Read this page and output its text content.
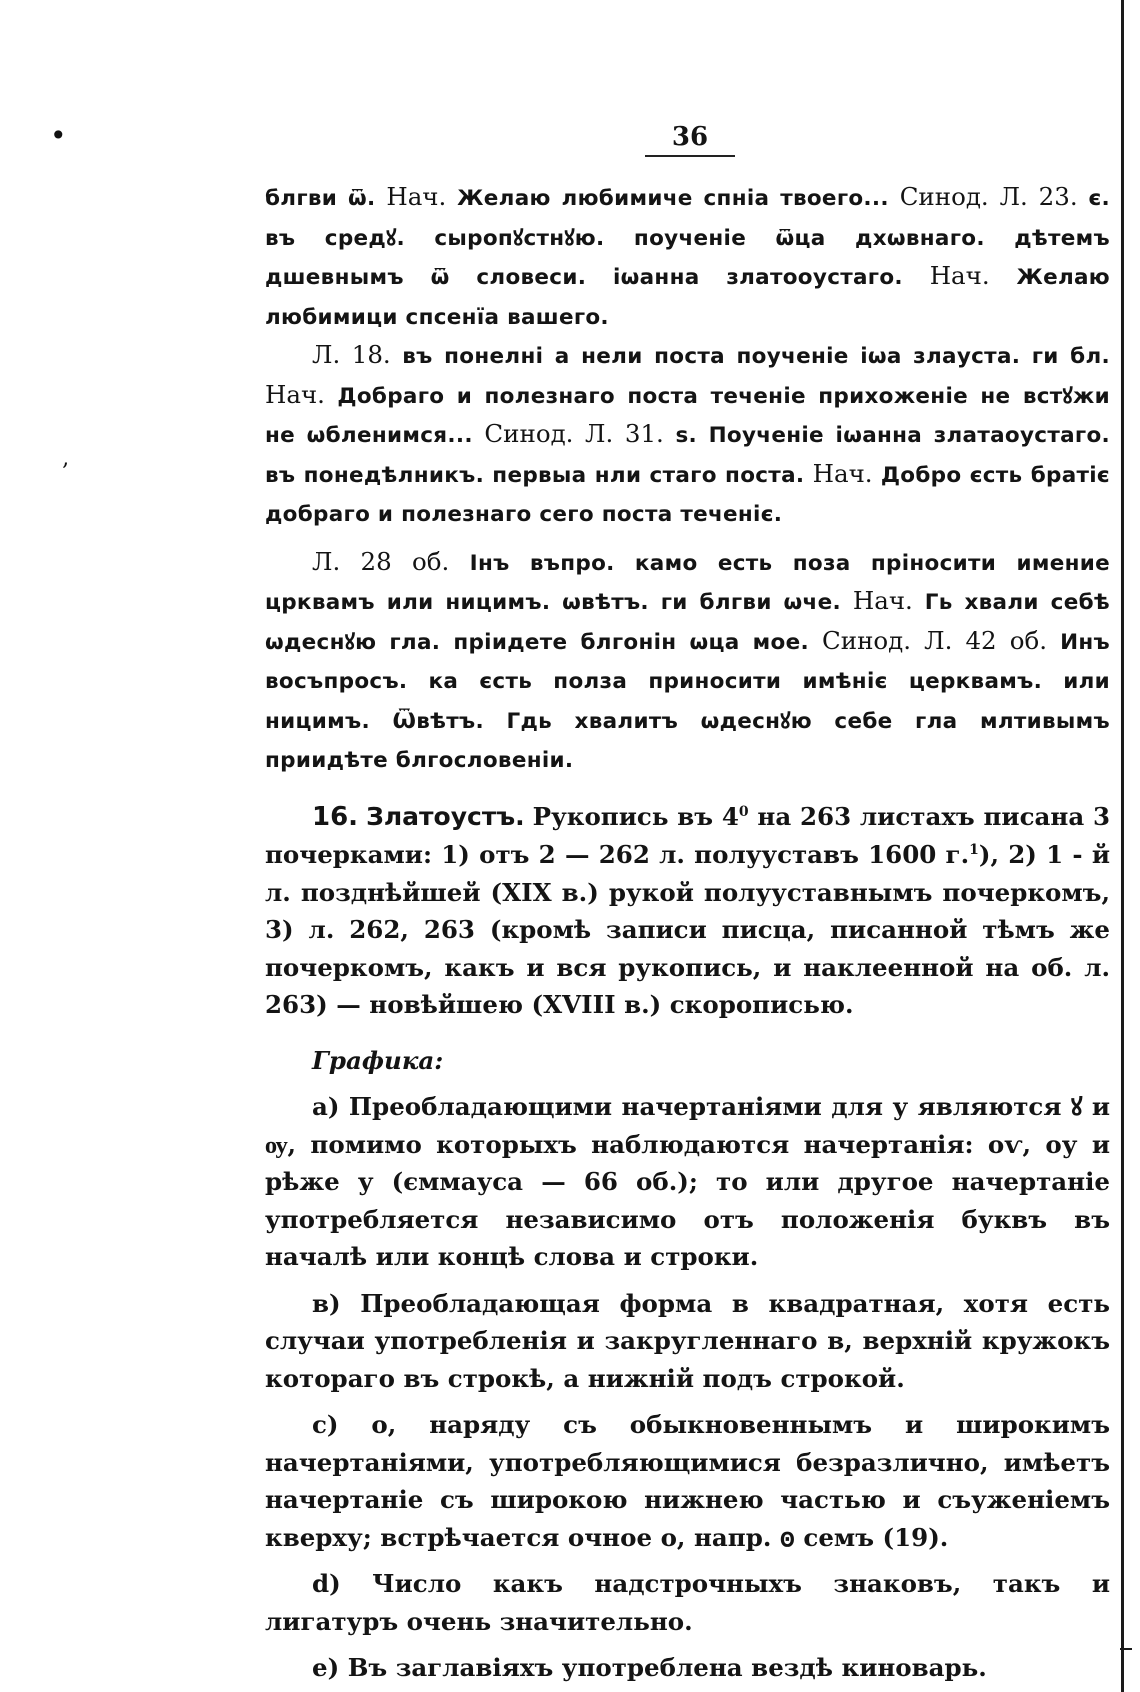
•
‚
36

блгви ѿ. Нач. Желаю любимиче спніа твоего... Синод. Л. 23. є. въ средꙋ. сыропꙋстнꙋю. поученіе ѿца дхѡвнаго. дѣтемъ дшевнымъ ѿ словеси. іѡанна златооустаго. Нач. Желаю любимици спсенїа вашего.

Л. 18. въ понелні а нели поста поученіе іѡа злауста. ги бл. Нач. Добраго и полезнаго поста теченіе прихоженіе не встꙋжи не ѡбленимся... Синод. Л. 31. ѕ. Поученіе іѡанна златаоустаго. въ понедѣлникъ. первыа нли стаго поста. Нач. Добро єсть братіє добраго и полезнаго сего поста теченіє.

Л. 28 об. Інъ въпро. камо есть поза пріносити имение црквамъ или ницимъ. ѡвѣтъ. ги блгви ѡче. Нач. Гь хвали себѣ ѡдеснꙋю гла. пріидете блгонін ѡца мое. Синод. Л. 42 об. Инъ восъпросъ. ка єсть полза приносити имѣніє цеpквамъ. или ницимъ. Ѿвѣтъ. Гдь хвалитъ ѡдеснꙋю себе гла млтивымъ приидѣте блгословеніи.

16. Златоустъ. Рукопись въ $4^0$ на 263 листахъ писана 3 почерками: 1) отъ 2 — 262 л. полууставъ 1600 г.$^1$), 2) 1 - й л. позднѣйшей (XIX в.) рукой полууставнымъ почеркомъ, 3) л. 262, 263 (кромѣ записи писца, писанной тѣмъ же почеркомъ, какъ и вся рукопись, и наклеенной на об. л. 263) — новѣйшею (XVIII в.) скорописью.

Графика:

а) Преобладающими начертаніями для у являются ꙋ и ѹ, помимо которыхъ наблюдаются начертанія: оѵ, оу и рѣже у (єммауса — 66 об.); то или другое начертаніе употребляется независимо отъ положенія буквъ въ началѣ или концѣ слова и строки.

в) Преобладающая форма в квадратная, хотя есть случаи употребленія и закругленнаго в, верхній кружокъ котораго въ строкѣ, а нижній подъ строкой.

c) о, наряду съ обыкновеннымъ и широкимъ начертаніями, употребляющимися безразлично, имѣетъ начертаніе съ широкою нижнею частью и съуженіемъ кверху; встрѣчается очное о, напр. ꙩ семъ (19).

d) Число какъ надстрочныхъ знаковъ, такъ и лигатуръ очень значительно.

е) Въ заглавіяхъ употреблена вездѣ киноварь.
